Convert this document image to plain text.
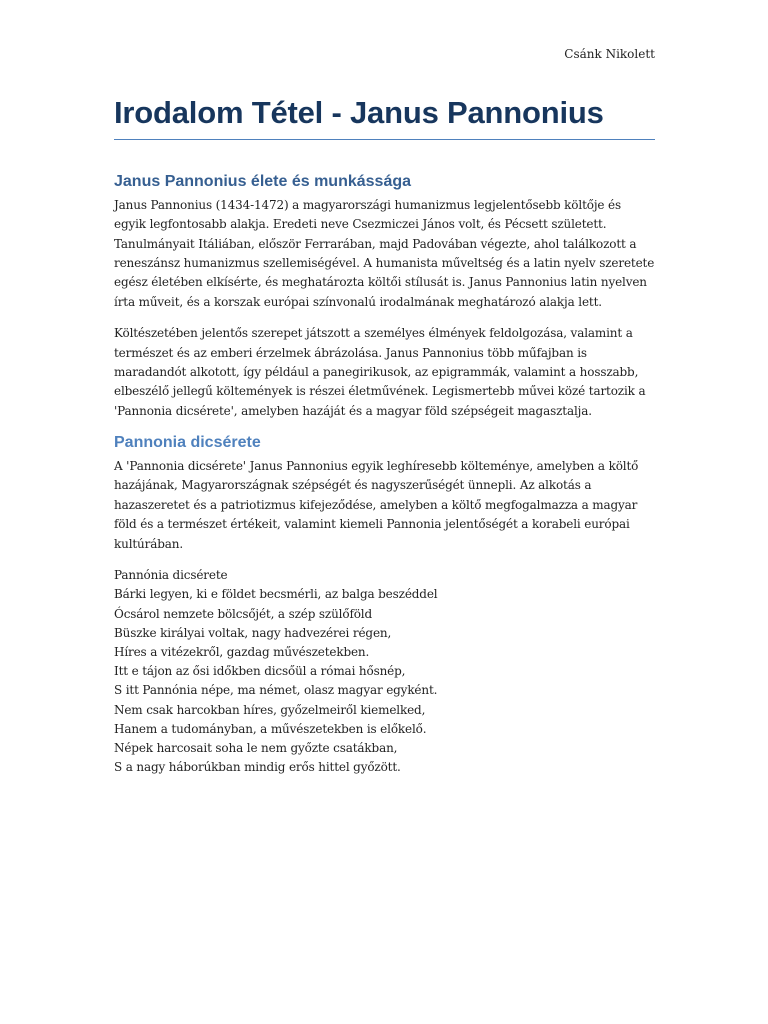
Csánk Nikolett
Irodalom Tétel - Janus Pannonius
Janus Pannonius élete és munkássága

Janus Pannonius (1434-1472) a magyarországi humanizmus legjelentősebb költője és egyik legfontosabb alakja. Eredeti neve Csezmiczei János volt, és Pécsett született. Tanulmányait Itáliában, először Ferrarában, majd Padovában végezte, ahol találkozott a reneszánsz humanizmus szellemiségével. A humanista műveltség és a latin nyelv szeretete egész életében elkísérte, és meghatározta költői stílusát is. Janus Pannonius latin nyelven írta műveit, és a korszak európai színvonalú irodalmának meghatározó alakja lett.

Költészetében jelentős szerepet játszott a személyes élmények feldolgozása, valamint a természet és az emberi érzelmek ábrázolása. Janus Pannonius több műfajban is maradandót alkotott, így például a panegirikusok, az epigrammák, valamint a hosszabb, elbeszélő jellegű költemények is részei életművének. Legismertebb művei közé tartozik a 'Pannonia dicsérete', amelyben hazáját és a magyar föld szépségeit magasztalja.

Pannonia dicsérete

A 'Pannonia dicsérete' Janus Pannonius egyik leghíresebb költeménye, amelyben a költő hazájának, Magyarországnak szépségét és nagyszerűségét ünnepli. Az alkotás a hazaszeretet és a patriotizmus kifejeződése, amelyben a költő megfogalmazza a magyar föld és a természet értékeit, valamint kiemeli Pannonia jelentőségét a korabeli európai kultúrában.

Pannónia dicsérete
Bárki legyen, ki e földet becsmérli, az balga beszéddel
Ócsárol nemzete bölcsőjét, a szép szülőföld
Büszke királyai voltak, nagy hadvezérei régen,
Híres a vitézekről, gazdag művészetekben.
Itt e tájon az ősi időkben dicsőül a római hősnép,
S itt Pannónia népe, ma német, olasz magyar egyként.
Nem csak harcokban híres, győzelmeiről kiemelked,
Hanem a tudományban, a művészetekben is előkelő.
Népek harcosait soha le nem győzte csatákban,
S a nagy háborúkban mindig erős hittel győzött.
